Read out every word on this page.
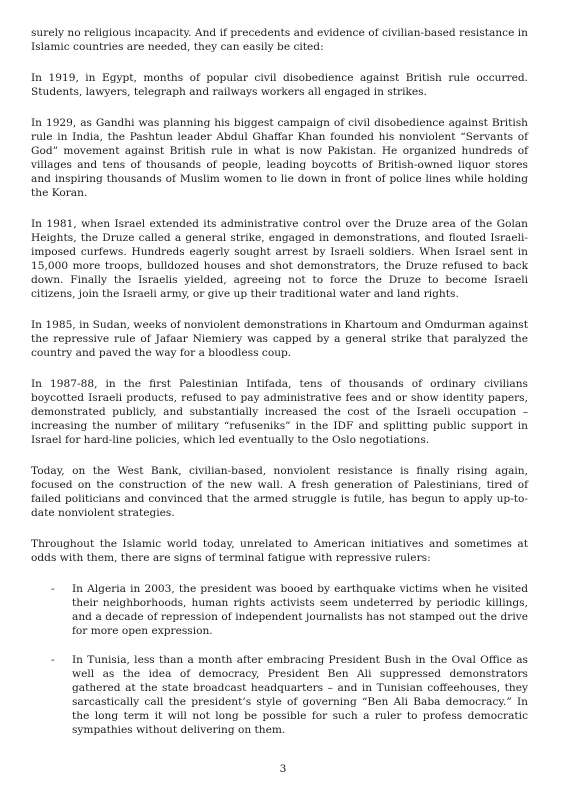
surely no religious incapacity. And if precedents and evidence of civilian-based resistance in Islamic countries are needed, they can easily be cited:

In 1919, in Egypt, months of popular civil disobedience against British rule occurred. Students, lawyers, telegraph and railways workers all engaged in strikes.

In 1929, as Gandhi was planning his biggest campaign of civil disobedience against British rule in India, the Pashtun leader Abdul Ghaffar Khan founded his nonviolent “Servants of God” movement against British rule in what is now Pakistan. He organized hundreds of villages and tens of thousands of people, leading boycotts of British-owned liquor stores and inspiring thousands of Muslim women to lie down in front of police lines while holding the Koran.

In 1981, when Israel extended its administrative control over the Druze area of the Golan Heights, the Druze called a general strike, engaged in demonstrations, and flouted Israeli-imposed curfews. Hundreds eagerly sought arrest by Israeli soldiers. When Israel sent in 15,000 more troops, bulldozed houses and shot demonstrators, the Druze refused to back down. Finally the Israelis yielded, agreeing not to force the Druze to become Israeli citizens, join the Israeli army, or give up their traditional water and land rights.

In 1985, in Sudan, weeks of nonviolent demonstrations in Khartoum and Omdurman against the repressive rule of Jafaar Niemiery was capped by a general strike that paralyzed the country and paved the way for a bloodless coup.

In 1987-88, in the first Palestinian Intifada, tens of thousands of ordinary civilians boycotted Israeli products, refused to pay administrative fees and or show identity papers, demonstrated publicly, and substantially increased the cost of the Israeli occupation – increasing the number of military “refuseniks” in the IDF and splitting public support in Israel for hard-line policies, which led eventually to the Oslo negotiations.

Today, on the West Bank, civilian-based, nonviolent resistance is finally rising again, focused on the construction of the new wall. A fresh generation of Palestinians, tired of failed politicians and convinced that the armed struggle is futile, has begun to apply up-to-date nonviolent strategies.

Throughout the Islamic world today, unrelated to American initiatives and sometimes at odds with them, there are signs of terminal fatigue with repressive rulers:

- In Algeria in 2003, the president was booed by earthquake victims when he visited their neighborhoods, human rights activists seem undeterred by periodic killings, and a decade of repression of independent journalists has not stamped out the drive for more open expression.
- In Tunisia, less than a month after embracing President Bush in the Oval Office as well as the idea of democracy, President Ben Ali suppressed demonstrators gathered at the state broadcast headquarters – and in Tunisian coffeehouses, they sarcastically call the president’s style of governing “Ben Ali Baba democracy.” In the long term it will not long be possible for such a ruler to profess democratic sympathies without delivering on them.
3
